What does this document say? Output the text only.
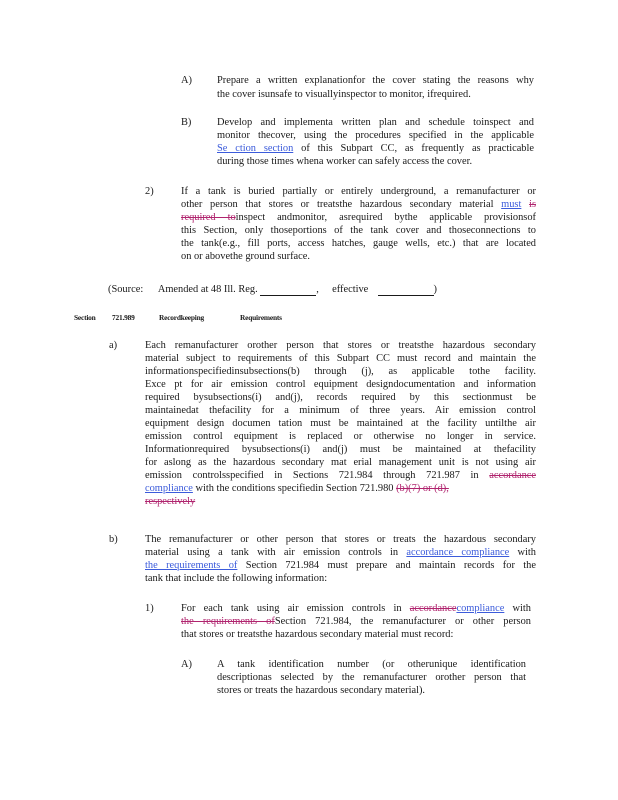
A) Prepare a written explanationfor the cover stating the reasons why

the cover isunsafe to visuallyinspector to monitor, ifrequired.

B) Develop and implementa written plan and schedule toinspect and

monitor thecover, using the procedures specified in the applicable

Se ction section of this Subpart CC, as frequently as practicable

during those times whena worker can safely access the cover.

2)	If a tank is buried partially or entirely underground, a remanufacturer or

other person that stores or treatsthe hazardous secondary material must is

required toinspect andmonitor, asrequired bythe applicable provisionsof

this Section, only thoseportions of the tank cover and thoseconnections to

the tank(e.g., fill ports, access hatches, gauge wells, etc.) that are located

on or abovethe ground surface.

(Source: Amended at 48 Ill. Reg.	, effective	)
Section 721.989	Recordkeeping	Requirements
a)	Each remanufacturer orother person that stores or treatsthe hazardous secondary

material subject to requirements of this Subpart CC must record and maintain the

informationspecifiedinsubsections(b) through (j), as applicable tothe facility.

Exce pt for air emission control equipment designdocumentation and information

required bysubsections(i) and(j), records required by this sectionmust be

maintainedat thefacility for a minimum of three years. Air emission control

equipment design documen tation must be maintained at the facility untilthe air

emission control equipment is replaced or otherwise no longer in service.

Informationrequired bysubsections(i) and(j) must be maintained at thefacility

for aslong as the hazardous secondary mat erial management unit is not using air

emission controlsspecified in Sections 721.984 through 721.987 in accordance

compliance with the conditions specifiedin Section 721.980 (b)(7) or (d),

respectively

b)	The remanufacturer or other person that stores or treats the hazardous secondary

material using a tank with air emission controls in accordance compliance with

the requirements of Section 721.984 must prepare and maintain records for the

tank that include the following information:

1)	For each tank using air emission controls in accordancecompliance with

the requirements ofSection 721.984, the remanufacturer or other person

that stores or treatsthe hazardous secondary material must record:

A) A tank identification number (or otherunique identification

descriptionas selected by the remanufacturer orother person that

stores or treats the hazardous secondary material).
